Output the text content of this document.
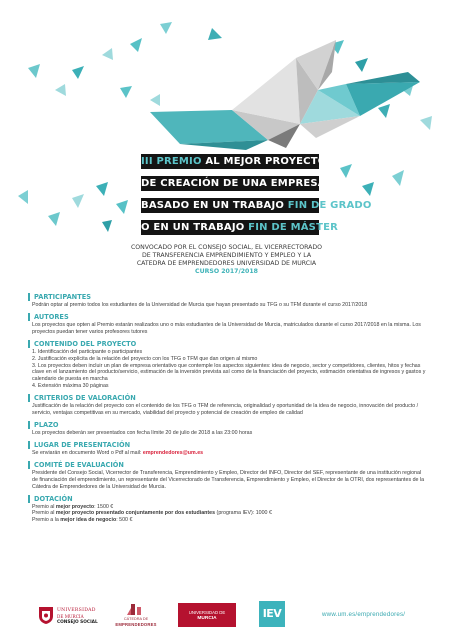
III PREMIO AL MEJOR PROYECTO
DE CREACIÓN DE UNA EMPRESA
BASADO EN UN TRABAJO FIN DE GRADO
O EN UN TRABAJO FIN DE MÁSTER
CONVOCADO POR EL CONSEJO SOCIAL, EL VICERRECTORADO
DE TRANSFERENCIA EMPRENDIMIENTO Y EMPLEO Y LA
CATEDRA DE EMPRENDEDORES UNIVERSIDAD DE MURCIA
CURSO 2017/2018
PARTICIPANTES
Podrán optar al premio todos los estudiantes de la Universidad de Murcia que hayan presentado su TFG o su TFM durante el curso 2017/2018
AUTORES
Los proyectos que opten al Premio estarán realizados uno o más estudiantes de la Universidad de Murcia, matriculados durante el curso 2017/2018 en la misma. Los proyectos puedan tener varios profesores tutores
CONTENIDO DEL PROYECTO

1. Identificación del participante o participantes

2. Justificación explícita de la relación del proyecto con los TFG o TFM que dan origen al mismo

3. Los proyectos deben incluir un plan de empresa orientativo que contemple los aspectos siguientes: idea de negocio, sector y competidores, clientes, hitos y fechas clave en el lanzamiento del producto/servicio, estimación de la inversión prevista así como de la financiación del proyecto, estimación orientativa de ingresos y gastos y calendario de puesta en marcha

4. Extensión máxima 30 páginas

CRITERIOS DE VALORACIÓN
Justificación de la relación del proyecto con el contenido de los TFG o TFM de referencia, originalidad y oportunidad de la idea de negocio, innovación del producto / servicio, ventajas competitivas en su mercado, viabilidad del proyecto y potencial de creación de empleo de calidad
PLAZO
Los proyectos deberán ser presentados con fecha límite 20 de julio de 2018 a las 23:00 horas
LUGAR DE PRESENTACIÓN
Se enviarán en documento Word o Pdf al mail: emprendedores@um.es
COMITÉ DE EVALUACIÓN
Presidente del Consejo Social, Vicerrector de Transferencia, Emprendimiento y Empleo, Director del INFO, Director del SEF, representante de una institución regional de financiación del emprendimiento, un representante del Vicerrectorado de Transferencia, Emprendimiento y Empleo, el Director de la OTRI, dos representantes de la Cátedra de Emprendedores de la Universidad de Murcia.
DOTACIÓN

Premio al mejor proyecto: 1500 €

Premio al mejor proyecto presentado conjuntamente por dos estudiantes (programa IEV): 1000 €

Premio a la mejor idea de negocio: 500 €

UNIVERSIDAD
DE MURCIA
CONSEJO SOCIAL
CÁTEDRA DE
EMPRENDEDORES
UNIVERSIDAD DE
MURCIA	IEV	www.um.es/emprendedores/
